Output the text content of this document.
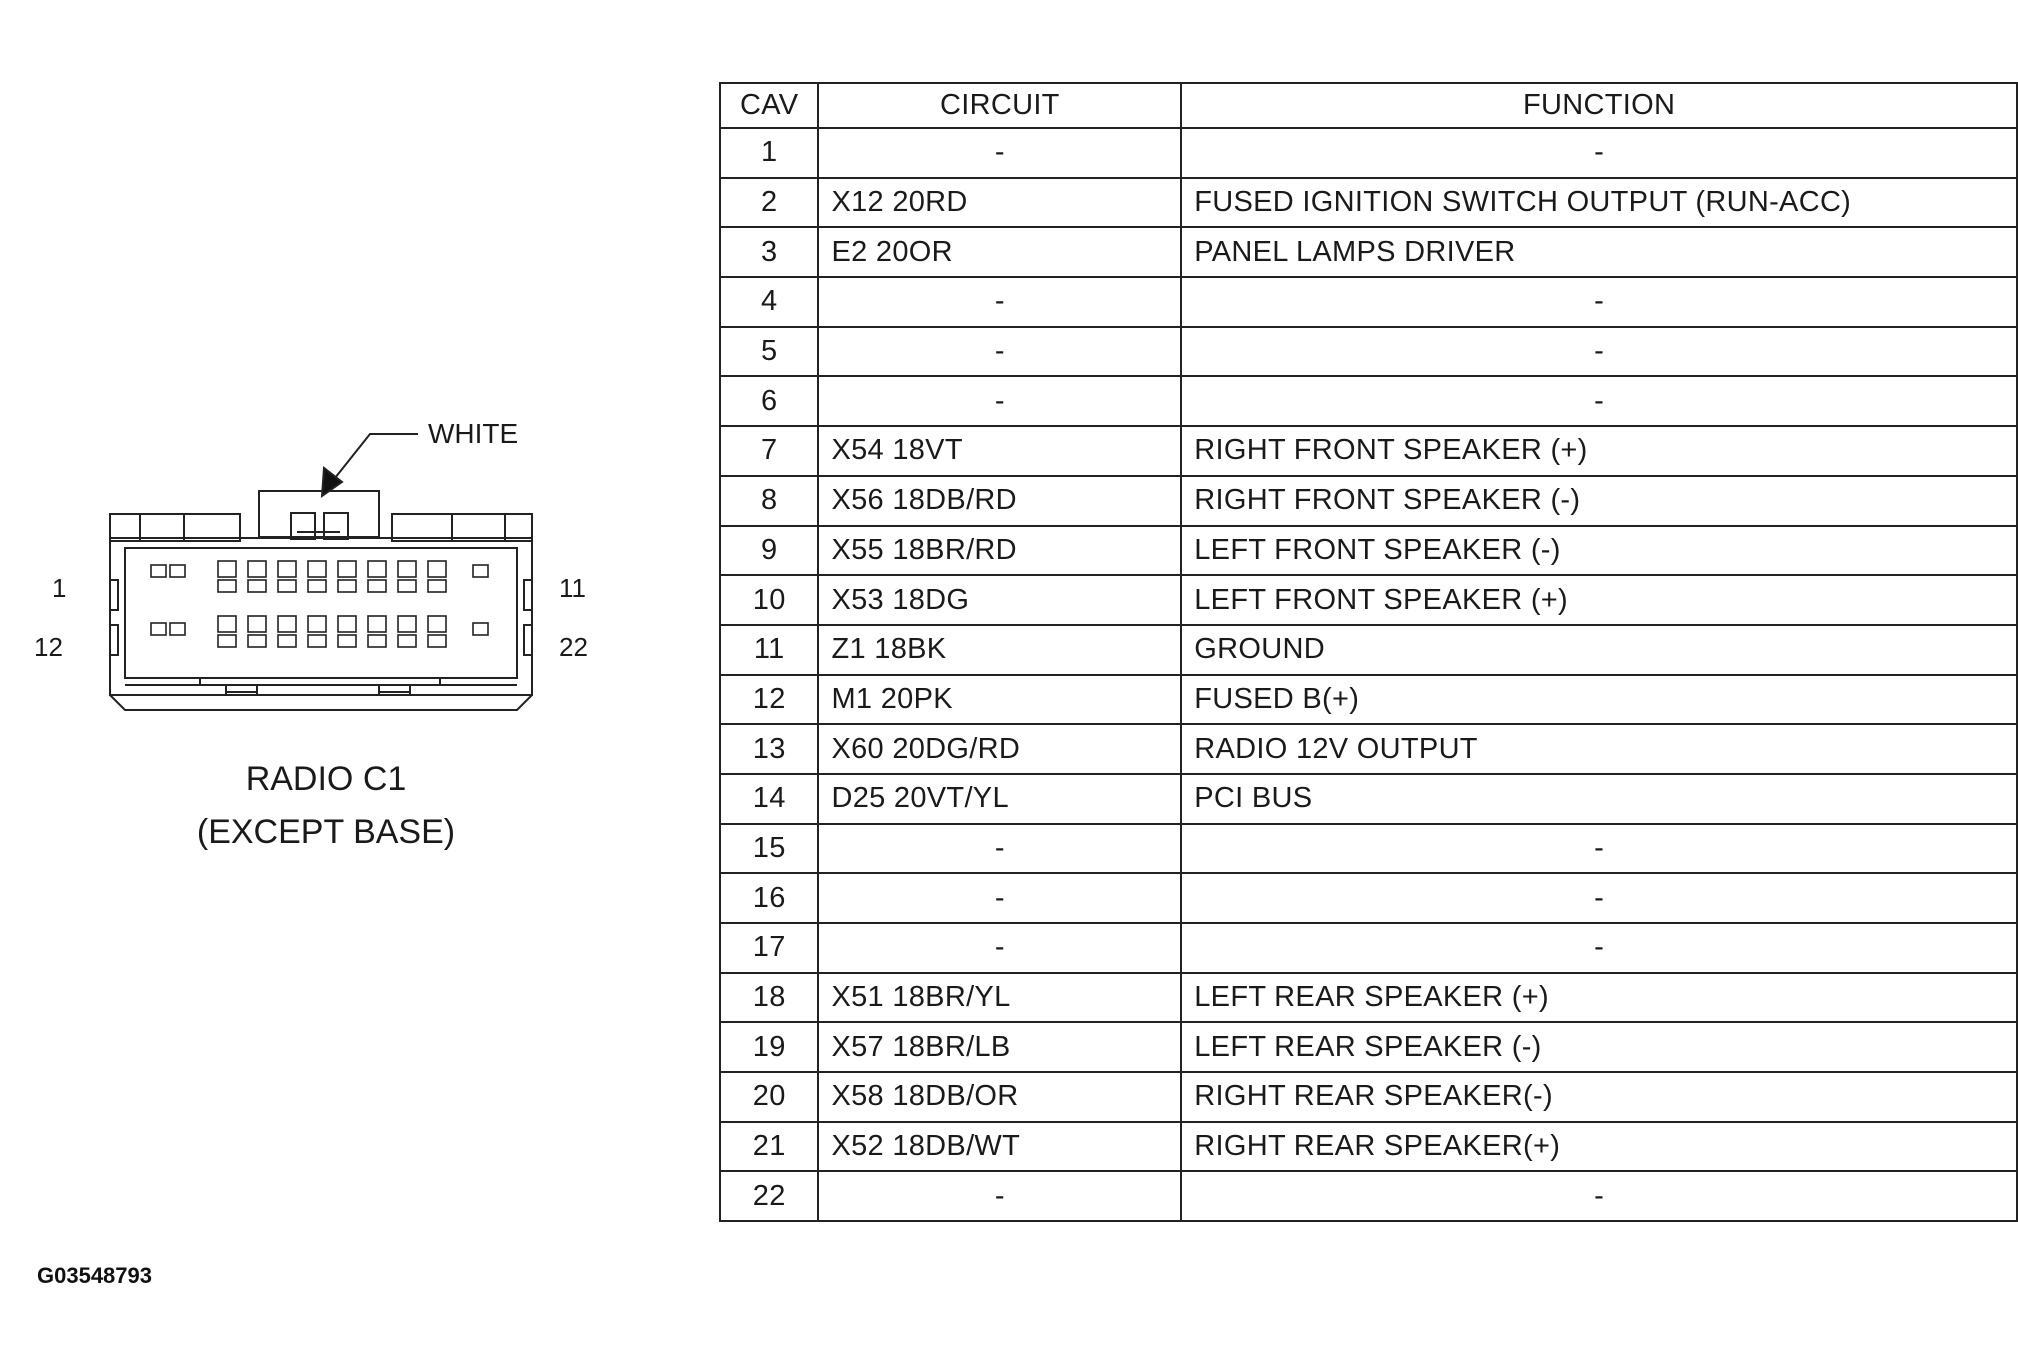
WHITE
1	11
12	22
RADIO C1
(EXCEPT BASE)
CAV	CIRCUIT	FUNCTION
1	-	-
2	X12 20RD	FUSED IGNITION SWITCH OUTPUT (RUN-ACC)
3	E2 20OR	PANEL LAMPS DRIVER
4	-	-
5	-	-
6	-	-
7	X54 18VT	RIGHT FRONT SPEAKER (+)
8	X56 18DB/RD	RIGHT FRONT SPEAKER (-)
9	X55 18BR/RD	LEFT FRONT SPEAKER (-)
10	X53 18DG	LEFT FRONT SPEAKER (+)
11	Z1 18BK	GROUND
12	M1 20PK	FUSED B(+)
13	X60 20DG/RD	RADIO 12V OUTPUT
14	D25 20VT/YL	PCI BUS
15	-	-
16	-	-
17	-	-
18	X51 18BR/YL	LEFT REAR SPEAKER (+)
19	X57 18BR/LB	LEFT REAR SPEAKER (-)
20	X58 18DB/OR	RIGHT REAR SPEAKER(-)
21	X52 18DB/WT	RIGHT REAR SPEAKER(+)
22	-	-
G03548793
